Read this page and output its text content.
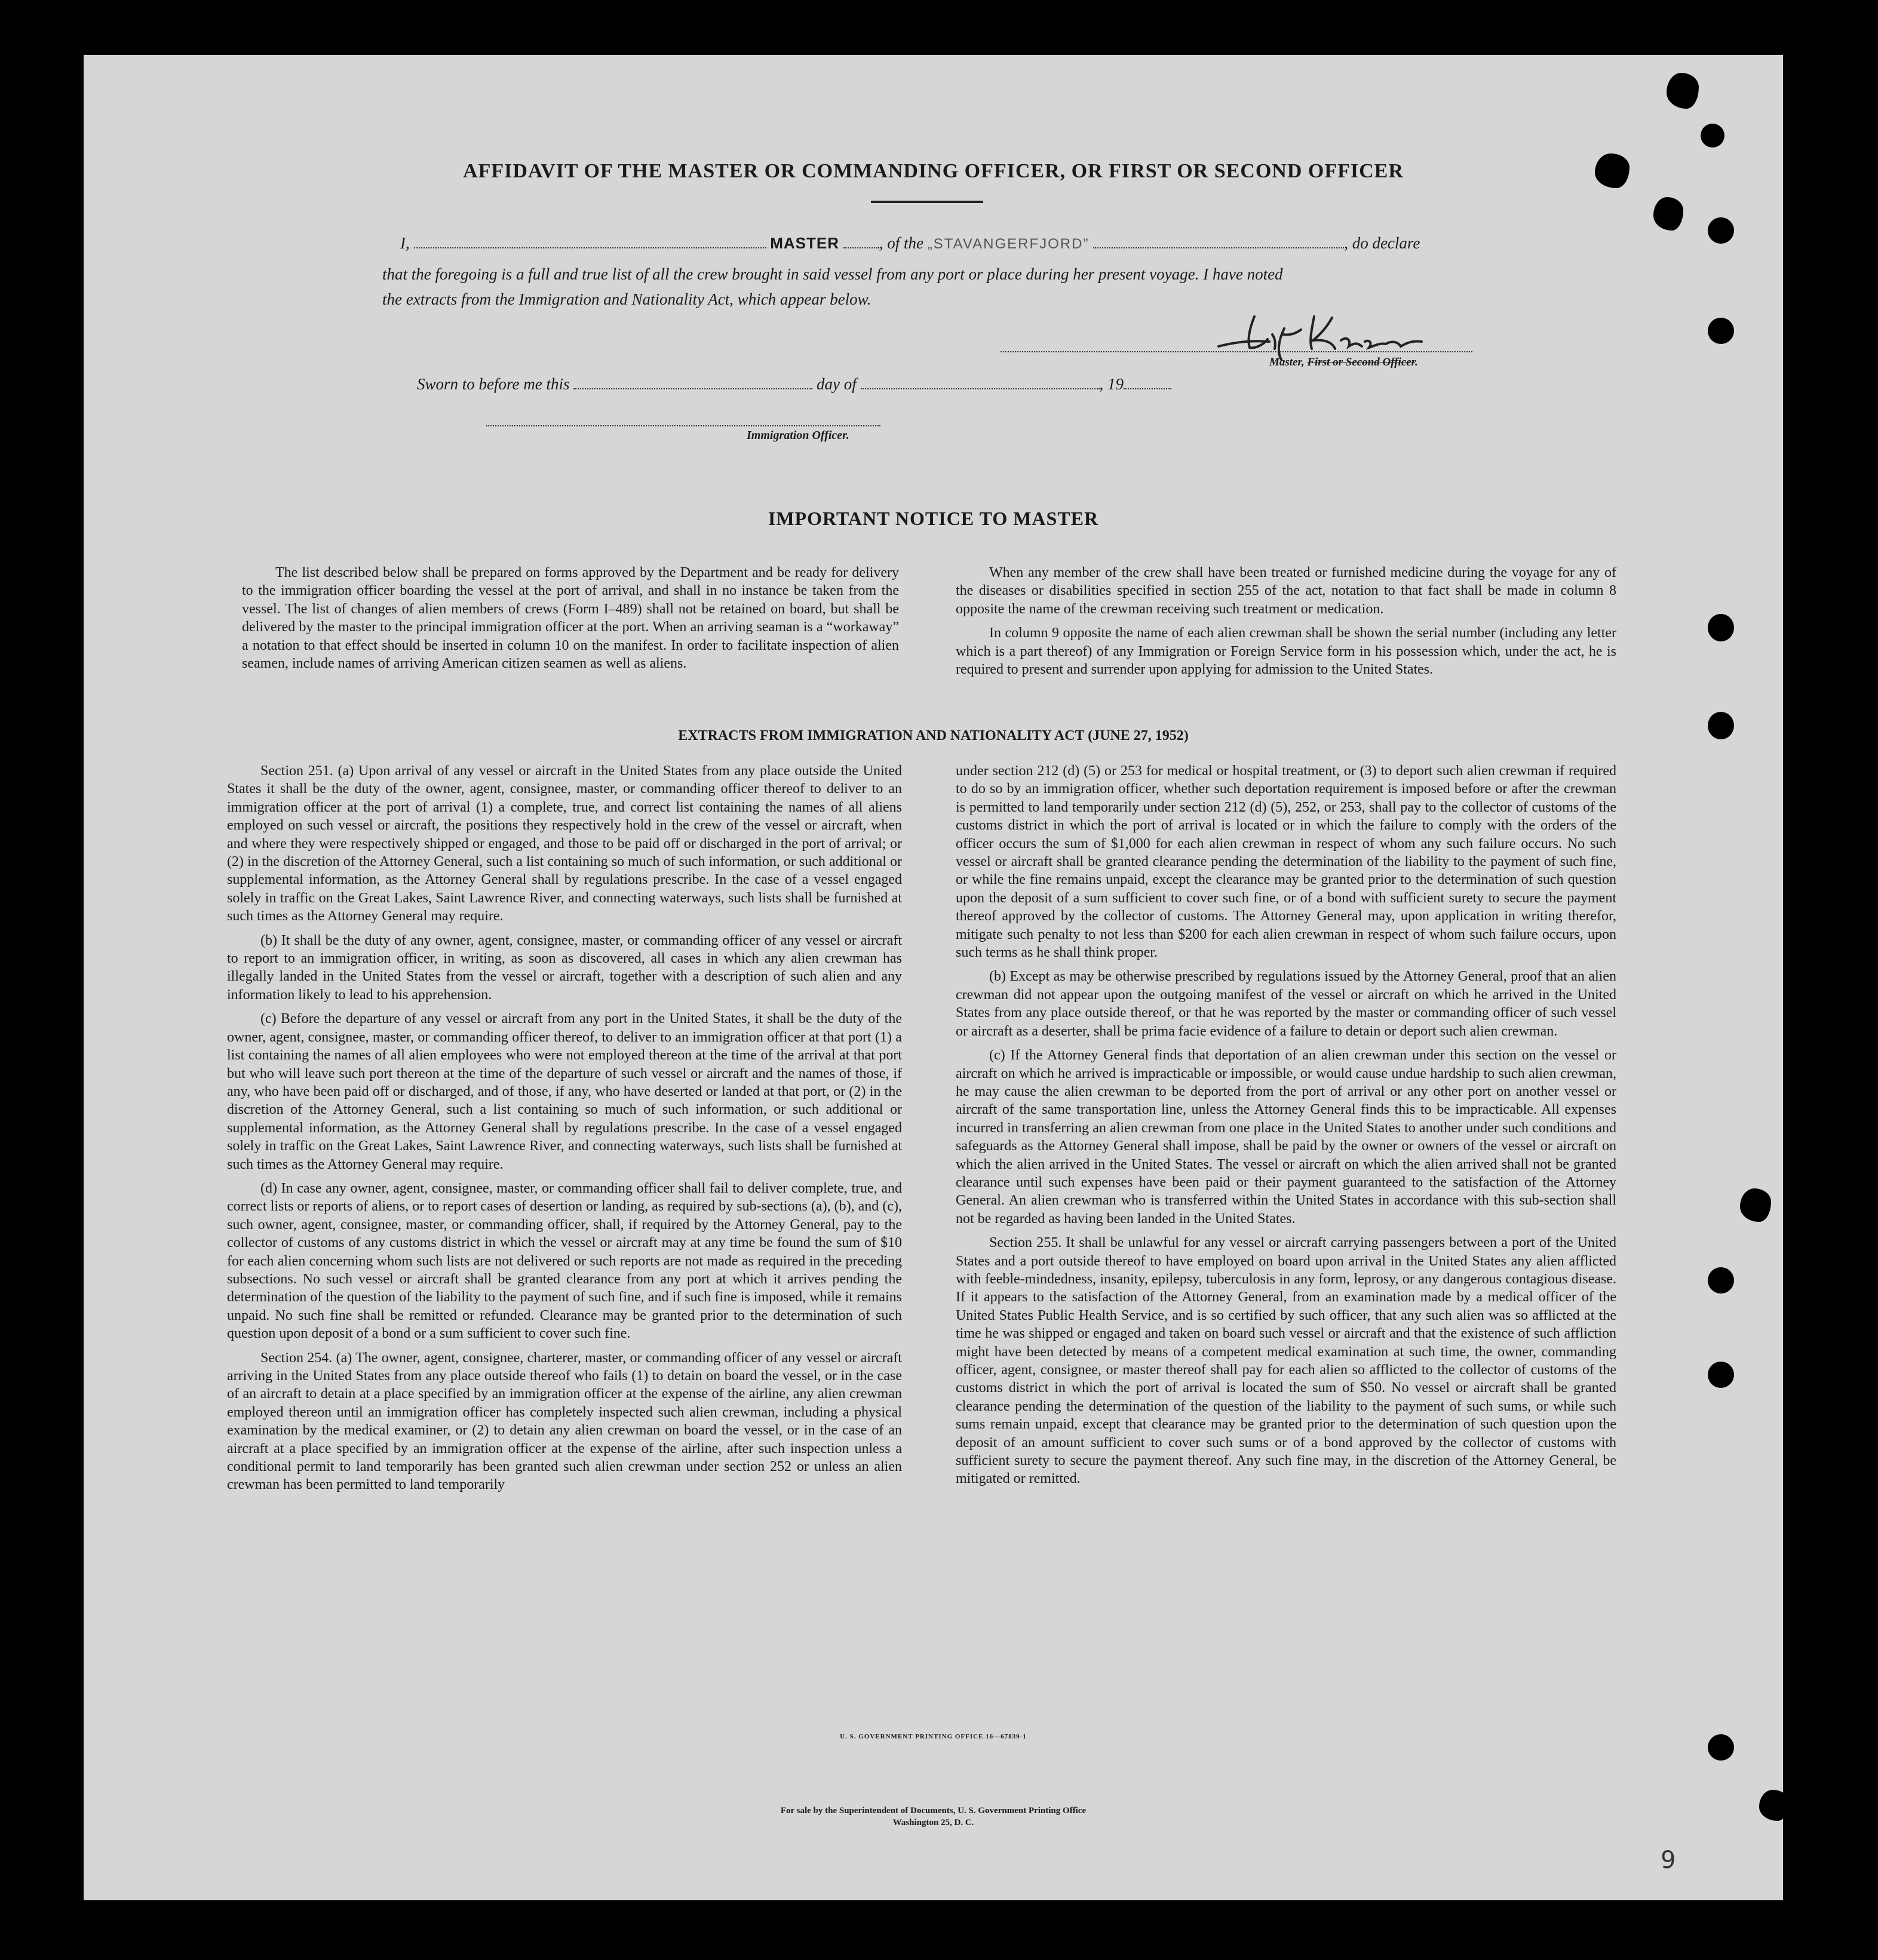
AFFIDAVIT OF THE MASTER OR COMMANDING OFFICER, OR FIRST OR SECOND OFFICER
I,	MASTER , of the „STAVANGERFJORD”	, do declare
that the foregoing is a full and true list of all the crew brought in said vessel from any port or place during her present voyage. I have noted
the extracts from the Immigration and Nationality Act, which appear below.
Master, First or Second Officer.
Sworn to before me this	day of	, 19
Immigration Officer.
IMPORTANT NOTICE TO MASTER

The list described below shall be prepared on forms approved by the Department and be ready for delivery to the immigration officer boarding the vessel at the port of arrival, and shall in no instance be taken from the vessel. The list of changes of alien members of crews (Form I–489) shall not be retained on board, but shall be delivered by the master to the principal immigration officer at the port. When an arriving seaman is a “workaway” a notation to that effect should be inserted in column 10 on the manifest. In order to facilitate inspection of alien seamen, include names of arriving American citizen seamen as well as aliens.

When any member of the crew shall have been treated or furnished medicine during the voyage for any of the diseases or disabilities specified in section 255 of the act, notation to that fact shall be made in column 8 opposite the name of the crewman receiving such treatment or medication.

In column 9 opposite the name of each alien crewman shall be shown the serial number (including any letter which is a part thereof) of any Immigration or Foreign Service form in his possession which, under the act, he is required to present and surrender upon applying for admission to the United States.

EXTRACTS FROM IMMIGRATION AND NATIONALITY ACT (JUNE 27, 1952)

Section 251. (a) Upon arrival of any vessel or aircraft in the United States from any place outside the United States it shall be the duty of the owner, agent, consignee, master, or commanding officer thereof to deliver to an immigration officer at the port of arrival (1) a complete, true, and correct list containing the names of all aliens employed on such vessel or aircraft, the positions they respectively hold in the crew of the vessel or aircraft, when and where they were respectively shipped or engaged, and those to be paid off or discharged in the port of arrival; or (2) in the discretion of the Attorney General, such a list containing so much of such information, or such additional or supplemental information, as the Attorney General shall by regulations prescribe. In the case of a vessel engaged solely in traffic on the Great Lakes, Saint Lawrence River, and connecting waterways, such lists shall be furnished at such times as the Attorney General may require.

(b) It shall be the duty of any owner, agent, consignee, master, or commanding officer of any vessel or aircraft to report to an immigration officer, in writing, as soon as discovered, all cases in which any alien crewman has illegally landed in the United States from the vessel or aircraft, together with a description of such alien and any information likely to lead to his apprehension.

(c) Before the departure of any vessel or aircraft from any port in the United States, it shall be the duty of the owner, agent, consignee, master, or commanding officer thereof, to deliver to an immigration officer at that port (1) a list containing the names of all alien employees who were not employed thereon at the time of the arrival at that port but who will leave such port thereon at the time of the departure of such vessel or aircraft and the names of those, if any, who have been paid off or discharged, and of those, if any, who have deserted or landed at that port, or (2) in the discretion of the Attorney General, such a list containing so much of such information, or such additional or supplemental information, as the Attorney General shall by regulations prescribe. In the case of a vessel engaged solely in traffic on the Great Lakes, Saint Lawrence River, and connecting waterways, such lists shall be furnished at such times as the Attorney General may require.

(d) In case any owner, agent, consignee, master, or commanding officer shall fail to deliver complete, true, and correct lists or reports of aliens, or to report cases of desertion or landing, as required by sub-sections (a), (b), and (c), such owner, agent, consignee, master, or commanding officer, shall, if required by the Attorney General, pay to the collector of customs of any customs district in which the vessel or aircraft may at any time be found the sum of $10 for each alien concerning whom such lists are not delivered or such reports are not made as required in the preceding subsections. No such vessel or aircraft shall be granted clearance from any port at which it arrives pending the determination of the question of the liability to the payment of such fine, and if such fine is imposed, while it remains unpaid. No such fine shall be remitted or refunded. Clearance may be granted prior to the determination of such question upon deposit of a bond or a sum sufficient to cover such fine.

Section 254. (a) The owner, agent, consignee, charterer, master, or commanding officer of any vessel or aircraft arriving in the United States from any place outside thereof who fails (1) to detain on board the vessel, or in the case of an aircraft to detain at a place specified by an immigration officer at the expense of the airline, any alien crewman employed thereon until an immigration officer has completely inspected such alien crewman, including a physical examination by the medical examiner, or (2) to detain any alien crewman on board the vessel, or in the case of an aircraft at a place specified by an immigration officer at the expense of the airline, after such inspection unless a conditional permit to land temporarily has been granted such alien crewman under section 252 or unless an alien crewman has been permitted to land temporarily

under section 212 (d) (5) or 253 for medical or hospital treatment, or (3) to deport such alien crewman if required to do so by an immigration officer, whether such deportation requirement is imposed before or after the crewman is permitted to land temporarily under section 212 (d) (5), 252, or 253, shall pay to the collector of customs of the customs district in which the port of arrival is located or in which the failure to comply with the orders of the officer occurs the sum of $1,000 for each alien crewman in respect of whom any such failure occurs. No such vessel or aircraft shall be granted clearance pending the determination of the liability to the payment of such fine, or while the fine remains unpaid, except the clearance may be granted prior to the determination of such question upon the deposit of a sum sufficient to cover such fine, or of a bond with sufficient surety to secure the payment thereof approved by the collector of customs. The Attorney General may, upon application in writing therefor, mitigate such penalty to not less than $200 for each alien crewman in respect of whom such failure occurs, upon such terms as he shall think proper.

(b) Except as may be otherwise prescribed by regulations issued by the Attorney General, proof that an alien crewman did not appear upon the outgoing manifest of the vessel or aircraft on which he arrived in the United States from any place outside thereof, or that he was reported by the master or commanding officer of such vessel or aircraft as a deserter, shall be prima facie evidence of a failure to detain or deport such alien crewman.

(c) If the Attorney General finds that deportation of an alien crewman under this section on the vessel or aircraft on which he arrived is impracticable or impossible, or would cause undue hardship to such alien crewman, he may cause the alien crewman to be deported from the port of arrival or any other port on another vessel or aircraft of the same transportation line, unless the Attorney General finds this to be impracticable. All expenses incurred in transferring an alien crewman from one place in the United States to another under such conditions and safeguards as the Attorney General shall impose, shall be paid by the owner or owners of the vessel or aircraft on which the alien arrived in the United States. The vessel or aircraft on which the alien arrived shall not be granted clearance until such expenses have been paid or their payment guaranteed to the satisfaction of the Attorney General. An alien crewman who is transferred within the United States in accordance with this sub-section shall not be regarded as having been landed in the United States.

Section 255. It shall be unlawful for any vessel or aircraft carrying passengers between a port of the United States and a port outside thereof to have employed on board upon arrival in the United States any alien afflicted with feeble-mindedness, insanity, epilepsy, tuberculosis in any form, leprosy, or any dangerous contagious disease. If it appears to the satisfaction of the Attorney General, from an examination made by a medical officer of the United States Public Health Service, and is so certified by such officer, that any such alien was so afflicted at the time he was shipped or engaged and taken on board such vessel or aircraft and that the existence of such affliction might have been detected by means of a competent medical examination at such time, the owner, commanding officer, agent, consignee, or master thereof shall pay for each alien so afflicted to the collector of customs of the customs district in which the port of arrival is located the sum of $50. No vessel or aircraft shall be granted clearance pending the determination of the question of the liability to the payment of such sums, or while such sums remain unpaid, except that clearance may be granted prior to the determination of such question upon the deposit of an amount sufficient to cover such sums or of a bond approved by the collector of customs with sufficient surety to secure the payment thereof. Any such fine may, in the discretion of the Attorney General, be mitigated or remitted.

U. S. GOVERNMENT PRINTING OFFICE 16—67839-1
For sale by the Superintendent of Documents, U. S. Government Printing Office
Washington 25, D. C.
9
